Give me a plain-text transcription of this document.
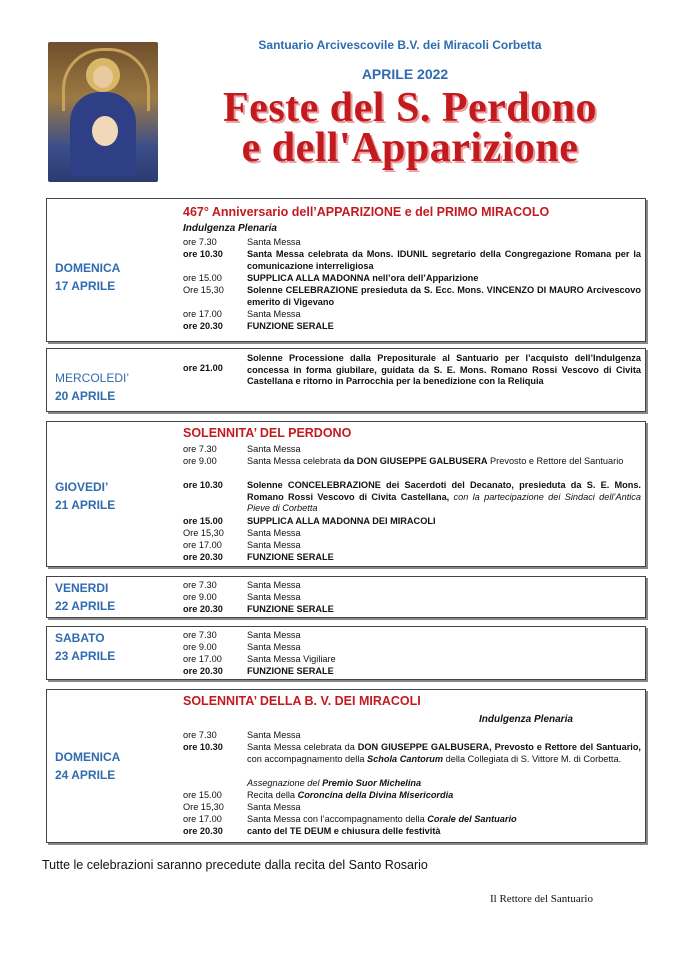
Santuario Arcivescovile B.V. dei Miracoli Corbetta
APRILE 2022
Feste del S. Perdono
e dell'Apparizione
DOMENICA
17 APRILE
467° Anniversario dell’APPARIZIONE e del PRIMO MIRACOLO
Indulgenza Plenaria
ore 7.30	Santa Messa
ore 10.30	Santa Messa celebrata da Mons. IDUNIL segretario della Congregazione Romana per la comunicazione interreligiosa
ore 15.00	SUPPLICA ALLA MADONNA nell’ora dell’Apparizione
Ore 15,30	Solenne CELEBRAZIONE presieduta da S. Ecc. Mons. VINCENZO DI MAURO Arcivescovo emerito di Vigevano
ore 17.00	Santa Messa
ore 20.30	FUNZIONE SERALE
MERCOLEDI’
20 APRILE
ore 21.00
Solenne Processione dalla Prepositurale al Santuario per l’acquisto dell’Indulgenza concessa in forma giubilare, guidata da S. E. Mons. Romano Rossi Vescovo di Civita Castellana e ritorno in Parrocchia per la benedizione con la Reliquia
GIOVEDI’
21 APRILE
SOLENNITA’ DEL PERDONO
ore 7.30	Santa Messa
ore 9.00	Santa Messa celebrata da DON GIUSEPPE GALBUSERA Prevosto e Rettore del Santuario
ore 10.30	Solenne CONCELEBRAZIONE dei Sacerdoti del Decanato, presieduta da S. E. Mons. Romano Rossi Vescovo di Civita Castellana, con la partecipazione dei Sindaci dell’Antica Pieve di Corbetta
ore 15.00	SUPPLICA ALLA MADONNA DEI MIRACOLI
Ore 15,30	Santa Messa
ore 17.00	Santa Messa
ore 20.30	FUNZIONE SERALE
VENERDI
22 APRILE
ore 7.30	Santa Messa
ore 9.00	Santa Messa
ore 20.30	FUNZIONE SERALE
SABATO
23 APRILE
ore 7.30	Santa Messa
ore 9.00	Santa Messa
ore 17.00	Santa Messa Vigiliare
ore 20.30	FUNZIONE SERALE
DOMENICA
24 APRILE
SOLENNITA’ DELLA B. V. DEI MIRACOLI
Indulgenza Plenaria
ore 7.30	Santa Messa
ore 10.30	Santa Messa celebrata da DON GIUSEPPE GALBUSERA, Prevosto e Rettore del Santuario, con accompagnamento della Schola Cantorum della Collegiata di S. Vittore M. di Corbetta.
Assegnazione del Premio Suor Michelina
ore 15.00	Recita della Coroncina della Divina Misericordia
Ore 15,30	Santa Messa
ore 17.00	Santa Messa con l’accompagnamento della Corale del Santuario
ore 20.30	canto del TE DEUM e chiusura delle festività
Tutte le celebrazioni saranno precedute dalla recita del Santo Rosario
Il Rettore del Santuario
